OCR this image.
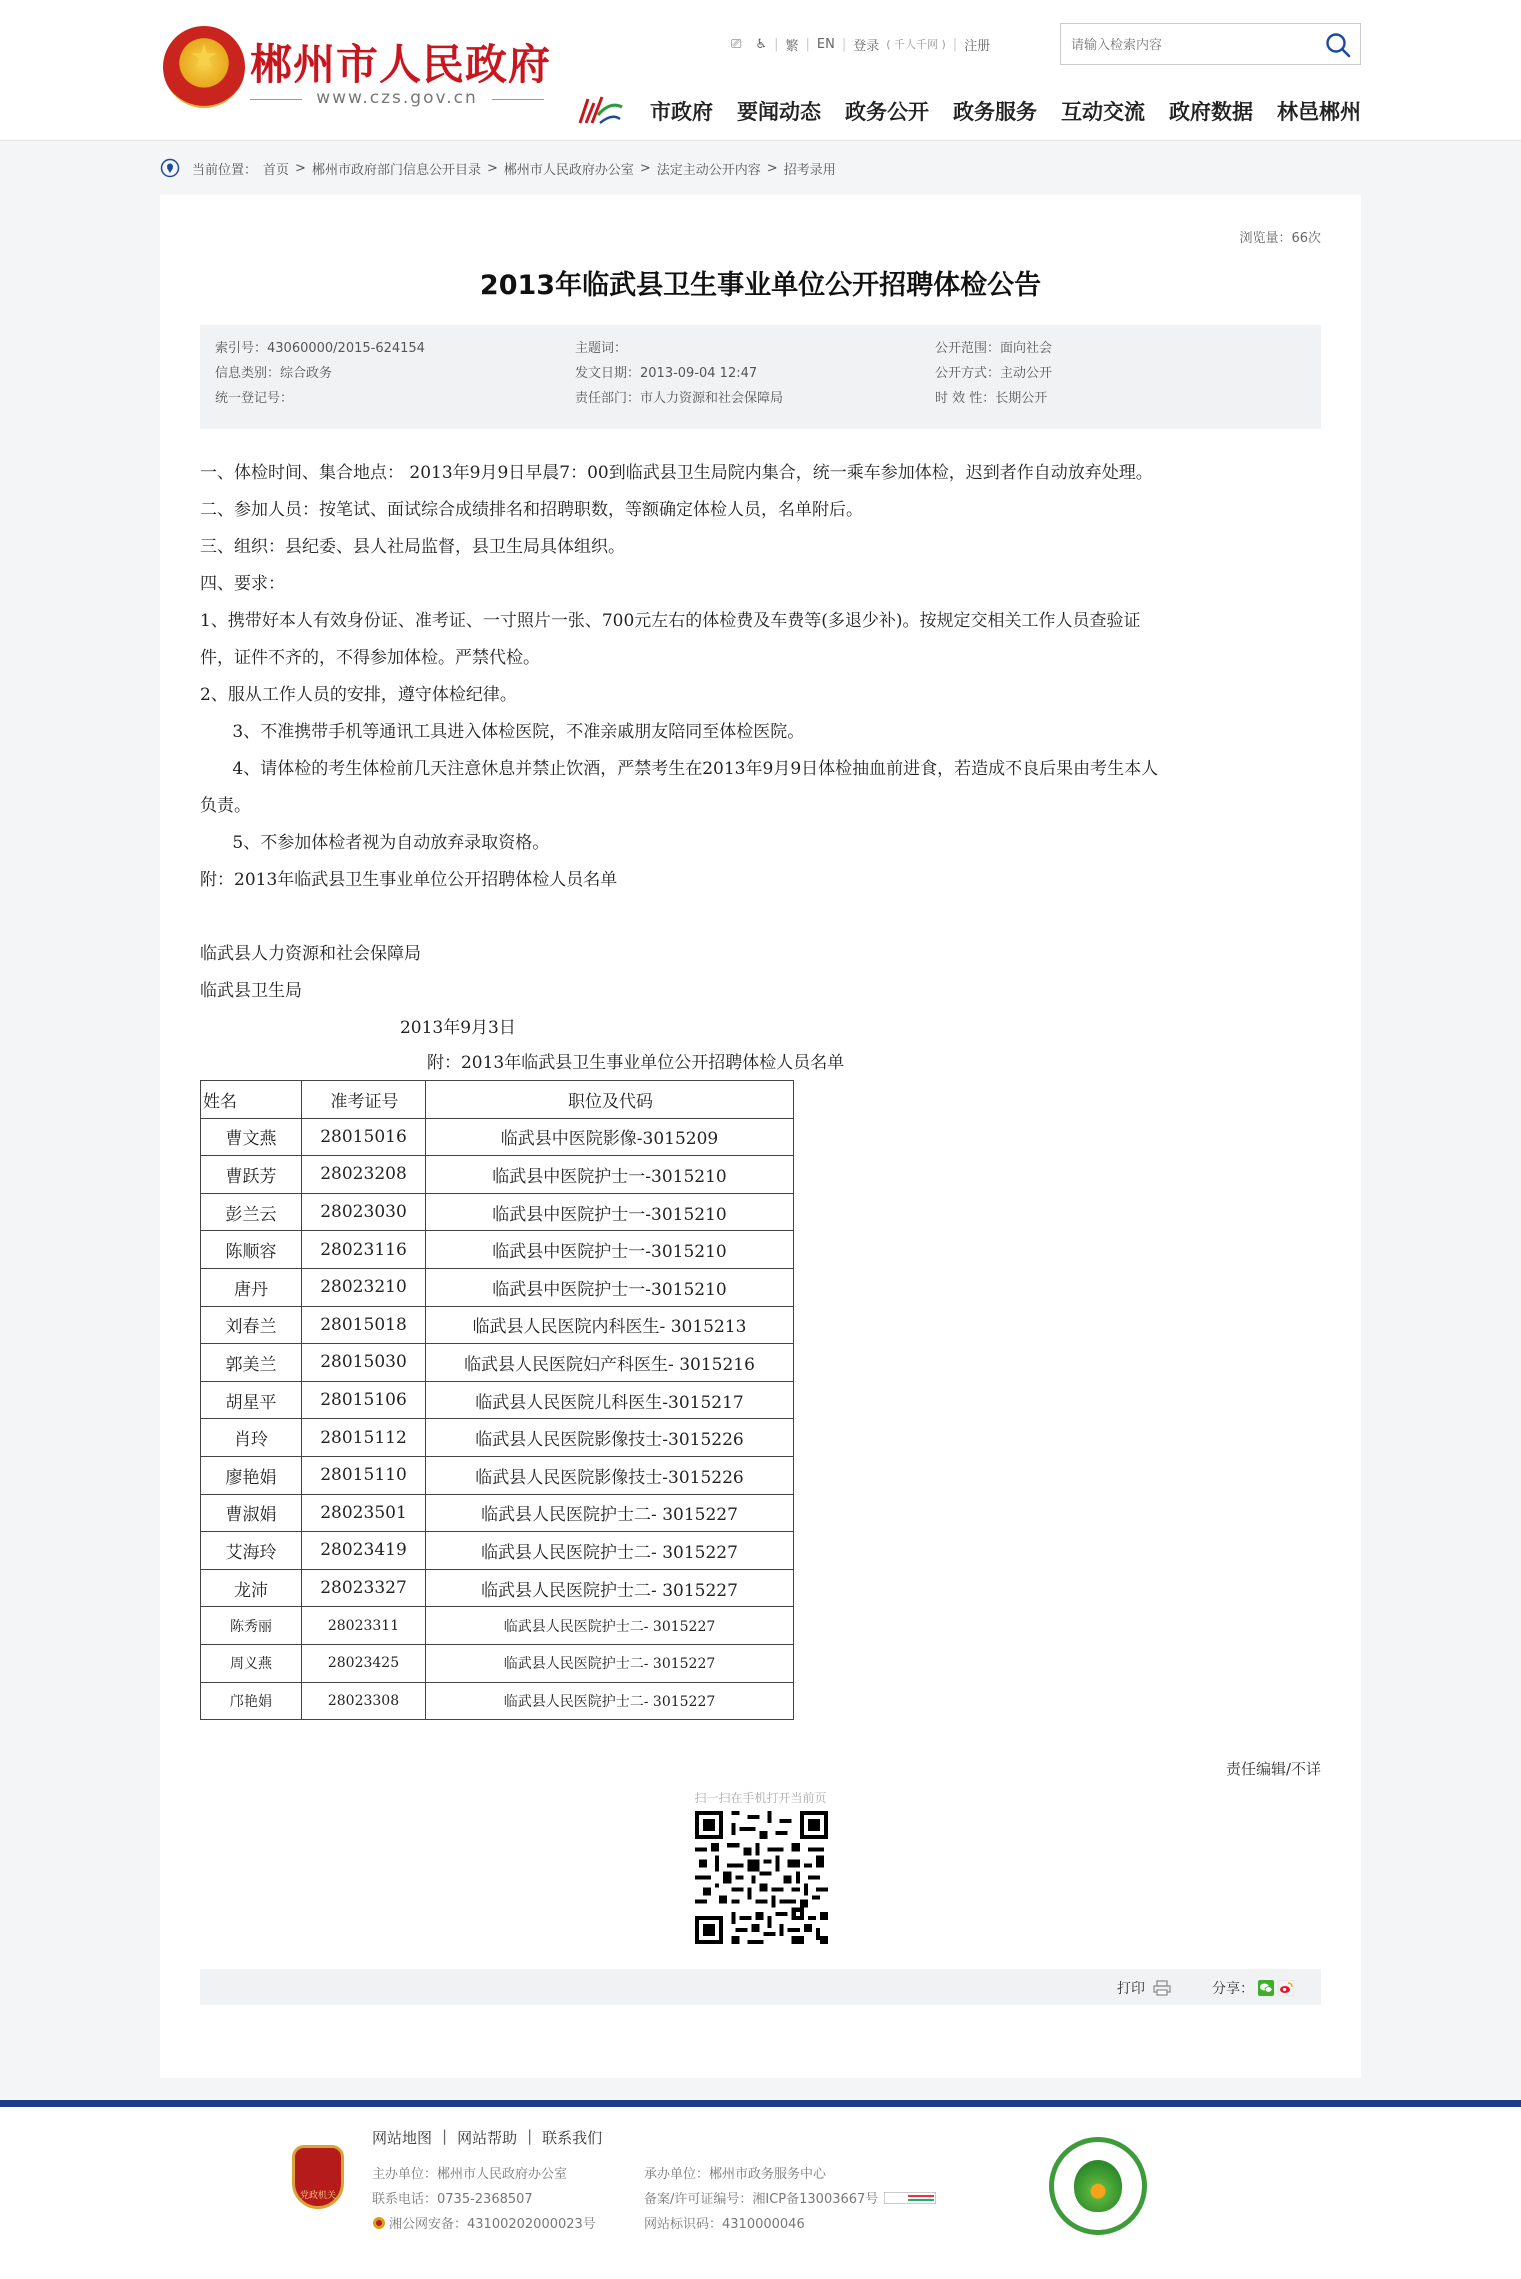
郴州市人民政府
www.czs.gov.cn
⎚ ♿ | 繁 | EN | 登录 ( 千人千网 ) | 注册
请输入检索内容
市政府 要闻动态 政务公开 政务服务 互动交流 政府数据 林邑郴州
当前位置： 首页 > 郴州市政府部门信息公开目录 > 郴州市人民政府办公室 > 法定主动公开内容 > 招考录用
浏览量：66次
2013年临武县卫生事业单位公开招聘体检公告
索引号：43060000/2015-624154	主题词：	公开范围：面向社会
信息类别：综合政务	发文日期：2013-09-04 12:47	公开方式：主动公开
统一登记号：	责任部门：市人力资源和社会保障局	时 效 性：长期公开

一、体检时间、集合地点： 2013年9月9日早晨7：00到临武县卫生局院内集合，统一乘车参加体检，迟到者作自动放弃处理。

二、参加人员：按笔试、面试综合成绩排名和招聘职数，等额确定体检人员，名单附后。

三、组织：县纪委、县人社局监督，县卫生局具体组织。

四、要求：

1、携带好本人有效身份证、准考证、一寸照片一张、700元左右的体检费及车费等(多退少补)。按规定交相关工作人员查验证

件，证件不齐的，不得参加体检。严禁代检。

2、服从工作人员的安排，遵守体检纪律。

3、不准携带手机等通讯工具进入体检医院，不准亲戚朋友陪同至体检医院。

4、请体检的考生体检前几天注意休息并禁止饮酒，严禁考生在2013年9月9日体检抽血前进食，若造成不良后果由考生本人

负责。

5、不参加体检者视为自动放弃录取资格。

附：2013年临武县卫生事业单位公开招聘体检人员名单

临武县人力资源和社会保障局

临武县卫生局

2013年9月3日

附：2013年临武县卫生事业单位公开招聘体检人员名单

姓名	准考证号	职位及代码
曹文燕	28015016	临武县中医院影像-3015209
曹跃芳	28023208	临武县中医院护士一-3015210
彭兰云	28023030	临武县中医院护士一-3015210
陈顺容	28023116	临武县中医院护士一-3015210
唐丹	28023210	临武县中医院护士一-3015210
刘春兰	28015018	临武县人民医院内科医生- 3015213
郭美兰	28015030	临武县人民医院妇产科医生- 3015216
胡星平	28015106	临武县人民医院儿科医生-3015217
肖玲	28015112	临武县人民医院影像技士-3015226
廖艳娟	28015110	临武县人民医院影像技士-3015226
曹淑娟	28023501	临武县人民医院护士二- 3015227
艾海玲	28023419	临武县人民医院护士二- 3015227
龙沛	28023327	临武县人民医院护士二- 3015227
陈秀丽	28023311	临武县人民医院护士二- 3015227
周义燕	28023425	临武县人民医院护士二- 3015227
邝艳娟	28023308	临武县人民医院护士二- 3015227
责任编辑/不详
扫一扫在手机打开当前页
打印	分享：
党政机关
网站地图 | 网站帮助 | 联系我们
主办单位：郴州市人民政府办公室
联系电话：0735-2368507
湘公网安备：43100202000023号
承办单位：郴州市政务服务中心
备案/许可证编号：湘ICP备13003667号
网站标识码：4310000046
